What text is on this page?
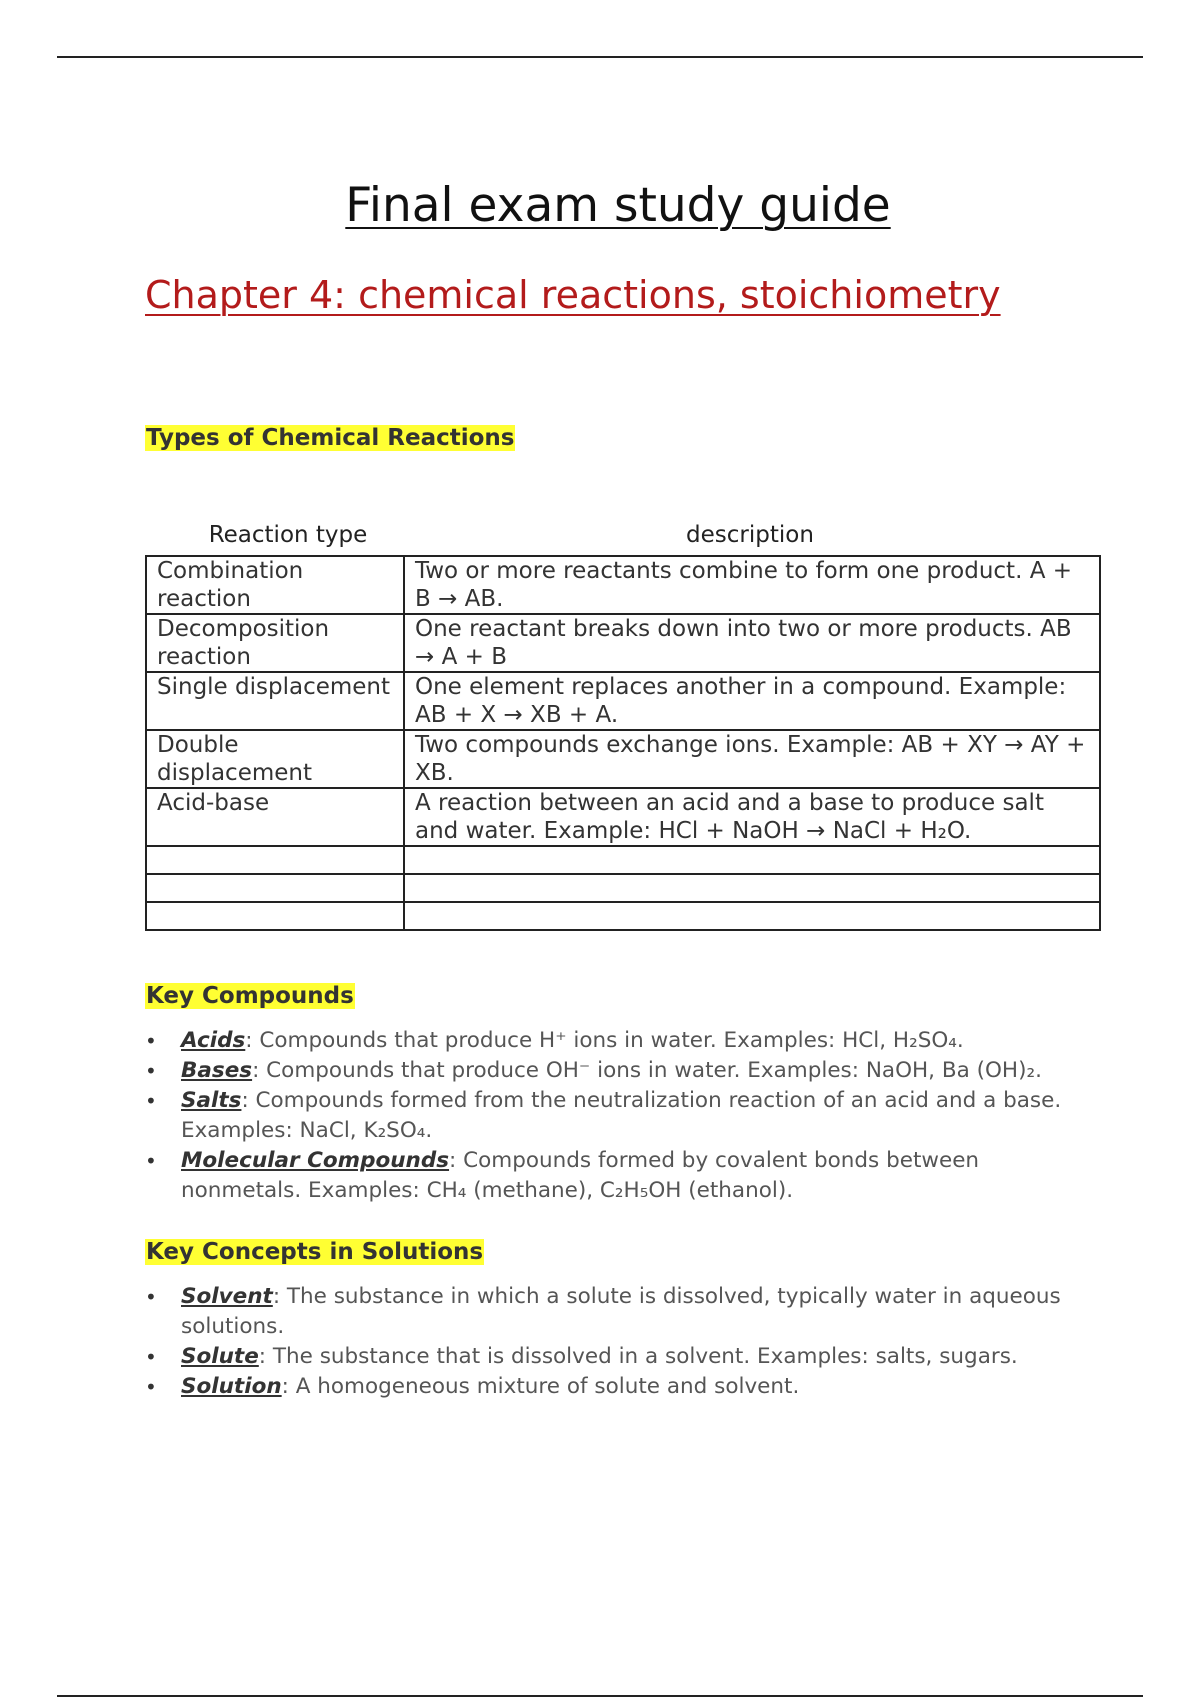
Final exam study guide
Chapter 4: chemical reactions, stoichiometry
Types of Chemical Reactions
Reaction type	description
Combination reaction	Two or more reactants combine to form one product. A + B → AB.
Decomposition reaction	One reactant breaks down into two or more products. AB → A + B
Single displacement	One element replaces another in a compound. Example: AB + X → XB + A.
Double displacement	Two compounds exchange ions. Example: AB + XY → AY + XB.
Acid-base	A reaction between an acid and a base to produce salt and water. Example: HCl + NaOH → NaCl + H₂O.

Key Compounds
• Acids: Compounds that produce H⁺ ions in water. Examples: HCl, H₂SO₄.
• Bases: Compounds that produce OH⁻ ions in water. Examples: NaOH, Ba (OH)₂.
• Salts: Compounds formed from the neutralization reaction of an acid and a base. Examples: NaCl, K₂SO₄.
• Molecular Compounds: Compounds formed by covalent bonds between nonmetals. Examples: CH₄ (methane), C₂H₅OH (ethanol).
Key Concepts in Solutions
• Solvent: The substance in which a solute is dissolved, typically water in aqueous solutions.
• Solute: The substance that is dissolved in a solvent. Examples: salts, sugars.
• Solution: A homogeneous mixture of solute and solvent.
